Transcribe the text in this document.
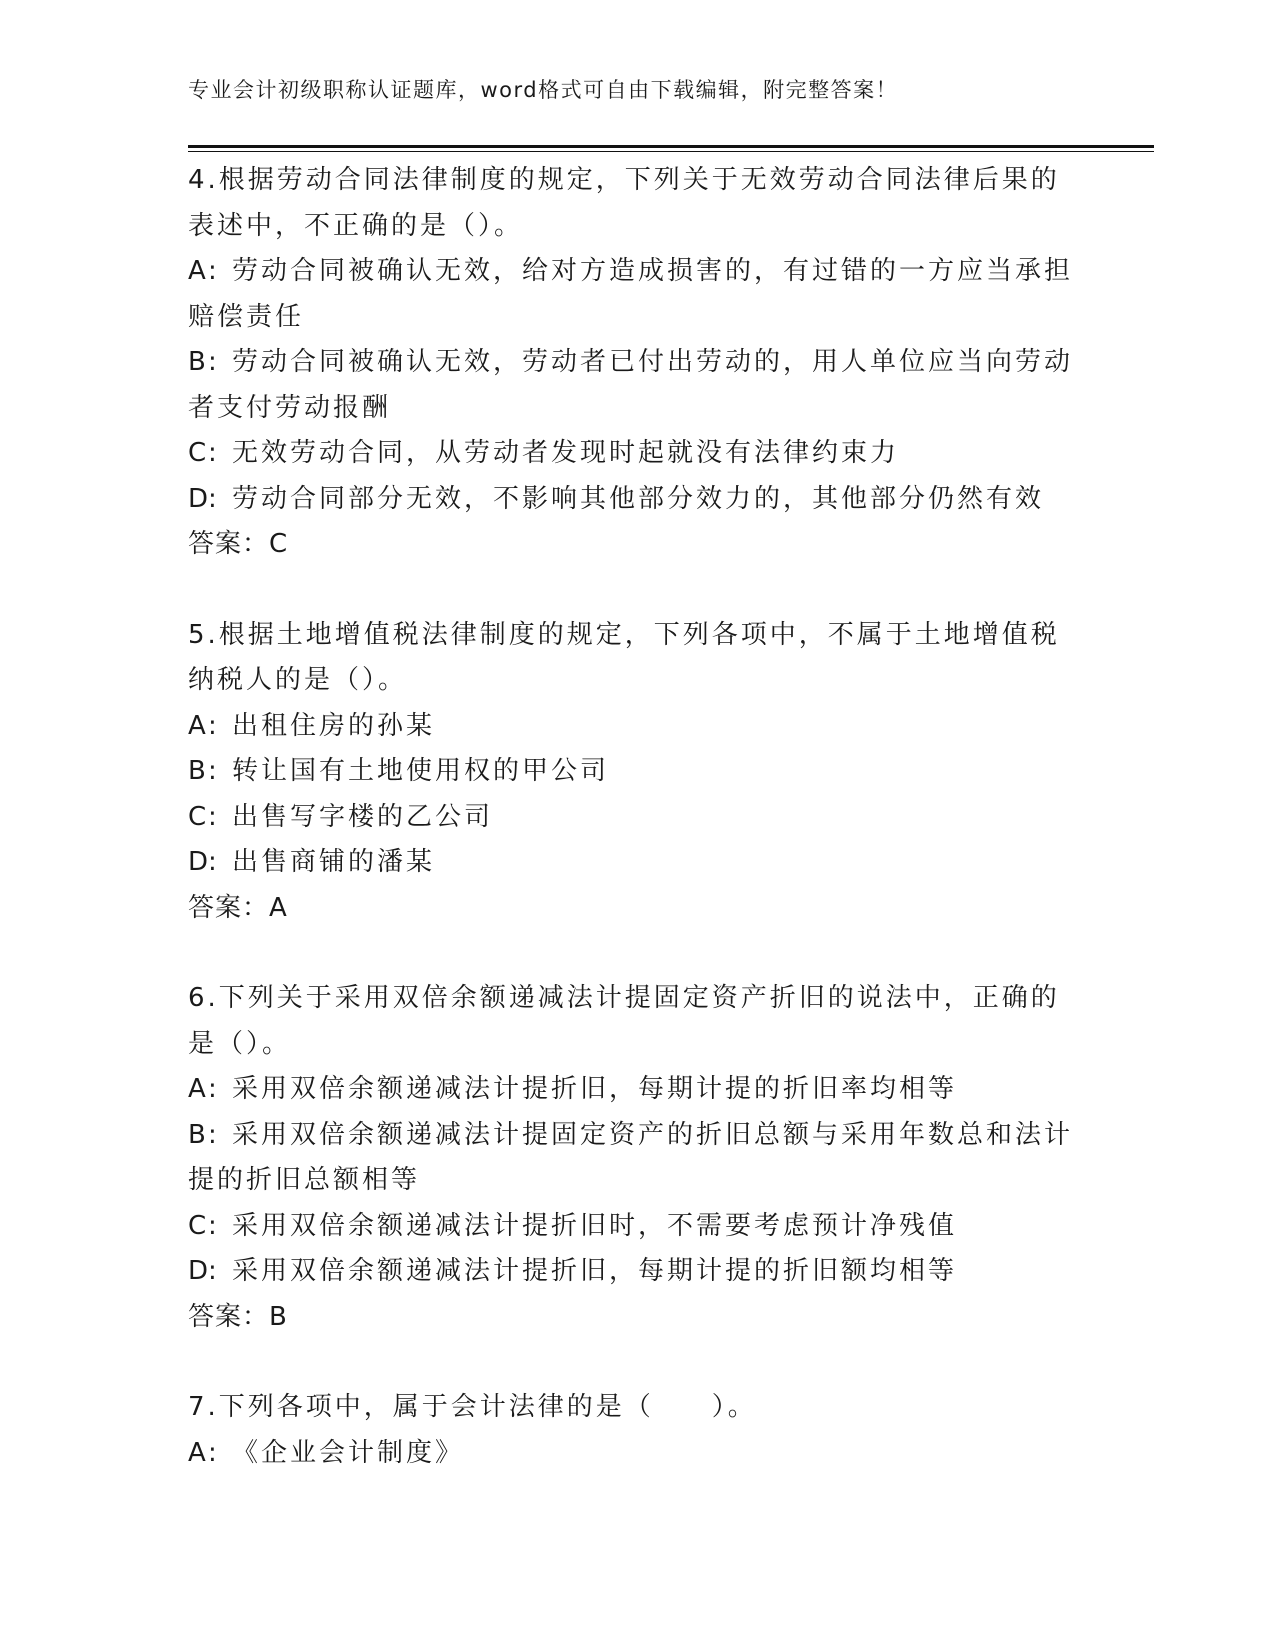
专业会计初级职称认证题库，word格式可自由下载编辑，附完整答案！
4.根据劳动合同法律制度的规定，下列关于无效劳动合同法律后果的
表述中，不正确的是（）。
A: 劳动合同被确认无效，给对方造成损害的，有过错的一方应当承担
赔偿责任
B: 劳动合同被确认无效，劳动者已付出劳动的，用人单位应当向劳动
者支付劳动报酬
C: 无效劳动合同，从劳动者发现时起就没有法律约束力
D: 劳动合同部分无效，不影响其他部分效力的，其他部分仍然有效
答案：C
5.根据土地增值税法律制度的规定，下列各项中，不属于土地增值税
纳税人的是（）。
A: 出租住房的孙某
B: 转让国有土地使用权的甲公司
C: 出售写字楼的乙公司
D: 出售商铺的潘某
答案：A
6.下列关于采用双倍余额递减法计提固定资产折旧的说法中，正确的
是（）。
A: 采用双倍余额递减法计提折旧，每期计提的折旧率均相等
B: 采用双倍余额递减法计提固定资产的折旧总额与采用年数总和法计
提的折旧总额相等
C: 采用双倍余额递减法计提折旧时，不需要考虑预计净残值
D: 采用双倍余额递减法计提折旧，每期计提的折旧额均相等
答案：B
7.下列各项中，属于会计法律的是（　　）。
A: 《企业会计制度》
